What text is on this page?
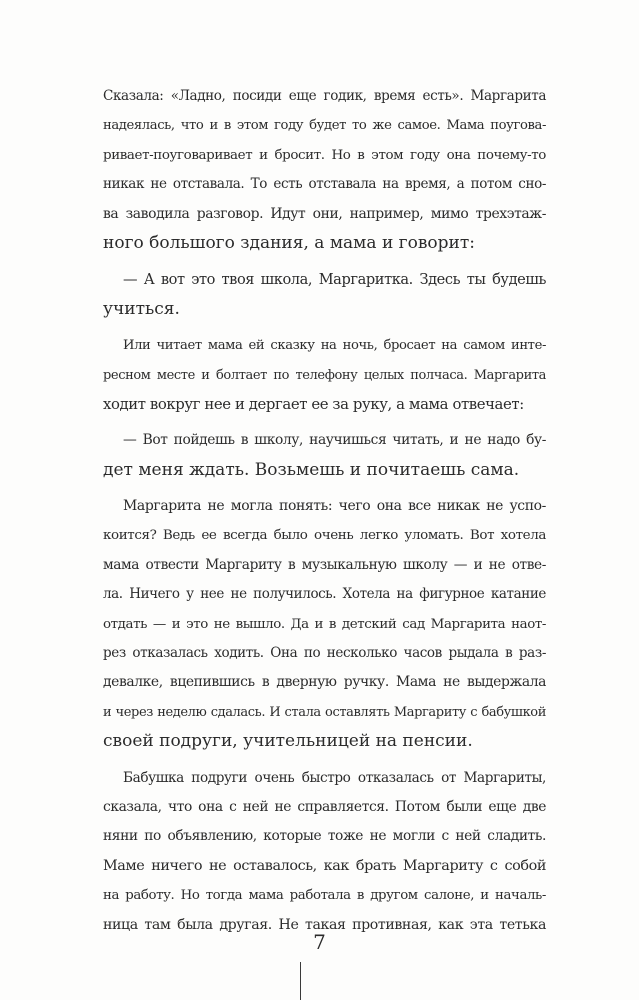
Сказала: «Ладно, посиди еще годик, время есть». Маргарита
надеялась, что и в этом году будет то же самое. Мама поугова-
ривает-поуговаривает и бросит. Но в этом году она почему-то
никак не отставала. То есть отставала на время, а потом сно-
ва заводила разговор. Идут они, например, мимо трехэтаж-
ного большого здания, а мама и говорит:
— А вот это твоя школа, Маргаритка. Здесь ты будешь
учиться.
Или читает мама ей сказку на ночь, бросает на самом инте-
ресном месте и болтает по телефону целых полчаса. Маргарита
ходит вокруг нее и дергает ее за руку, а мама отвечает:
— Вот пойдешь в школу, научишься читать, и не надо бу-
дет меня ждать. Возьмешь и почитаешь сама.
Маргарита не могла понять: чего она все никак не успо-
коится? Ведь ее всегда было очень легко уломать. Вот хотела
мама отвести Маргариту в музыкальную школу — и не отве-
ла. Ничего у нее не получилось. Хотела на фигурное катание
отдать — и это не вышло. Да и в детский сад Маргарита наот-
рез отказалась ходить. Она по несколько часов рыдала в раз-
девалке, вцепившись в дверную ручку. Мама не выдержала
и через неделю сдалась. И стала оставлять Маргариту с бабушкой
своей подруги, учительницей на пенсии.
Бабушка подруги очень быстро отказалась от Маргариты,
сказала, что она с ней не справляется. Потом были еще две
няни по объявлению, которые тоже не могли с ней сладить.
Маме ничего не оставалось, как брать Маргариту с собой
на работу. Но тогда мама работала в другом салоне, и началь-
ница там была другая. Не такая противная, как эта тетька
7
